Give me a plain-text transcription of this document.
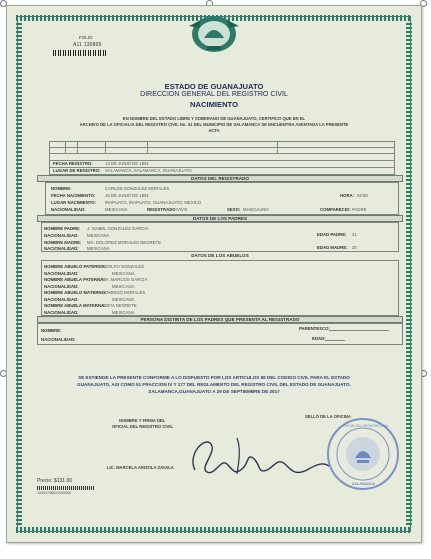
FOLIO
A11 130805
ESTADO DE GUANAJUATO
DIRECCION GENERAL DEL REGISTRO CIVIL
NACIMIENTO
EN NOMBRE DEL ESTADO LIBRE Y SOBERANO DE GUANAJUATO, CERTIFICO QUE EN EL
ARCHIVO DE LA OFICIALIA DEL REGISTRO CIVIL No. 01 DEL MUNICIPIO DE SALAMANCA SE ENCUENTRA ASENTADA LA PRESENTE
ACTA
FECHA REGISTRO:	14 DE JUNIO DE 1961
LUGAR DE REGISTRO: SALAMANCA, SALAMANCA, GUANAJUATO
DATOS DEL REGISTRADO
NOMBRE:	CARLOS GONZALEZ MORALES
FECHA NACIMIENTO: 15 DE JUNIO DE 1961	HORA: 04:00
LUGAR NACIMIENTO: IRAPUATO, IRAPUATO, GUANAJUATO, MEXICO
NACIONALIDAD:	MEXICANA	REGISTRADO: VIVO	SEXO: MASCULINO	COMPARECIO: PADRE
DATOS DE LOS PADRES
NOMBRE PADRE: J. ISABEL GONZALEZ GARCIA
EDAD PADRE: 21
NACIONALIDAD: MEXICANA
NOMBRE MADRE: MA. DOLORES MORALES NEGRETE
EDAD MADRE: 20
NACIONALIDAD: MEXICANA
DATOS DE LOS ABUELOS
NOMBRE ABUELO PATERNO:
ADOLFO GONZALEZ
NACIONALIDAD:	MEXICANA
NOMBRE ABUELA PATERNA:
MA. MARCOS GARCIA
NACIONALIDAD:	MEXICANA
NOMBRE ABUELO MATERNO:
DOMINGO MORALES
NACIONALIDAD:	MEXICANA
NOMBRE ABUELA MATERNA:
SOFIA NEGRETE
NACIONALIDAD:	MEXICANA
PERSONA DISTINTA DE LOS PADRES QUE PRESENTA AL REGISTRADO
NOMBRE:	PARENTESCO:
NACIONALIDAD:	EDAD:
SE EXTIENDE LA PRESENTE CONFORME A LO DISPUESTO POR LOS ARTICULOS 86 DEL CODIGO CIVIL PARA EL ESTADO
GUANAJUATO, ASI COMO 51 FRACCION IV Y 177 DEL REGLAMENTO DEL REGISTRO CIVIL DEL ESTADO DE GUANAJUATO.
SALAMANCA,GUANAJUATO A 29 DE SEPTIEMBRE DE 2017
NOMBRE Y FIRMA DEL
OFICIAL DEL REGISTRO CIVIL
SELLO DE LA OFICINA
LIC. MARCELA ARIZOLA ZAVALA
OFICIAL DEL REGISTRO CIVIL
SALAMANCA
Precio: $131.00
10431706013100090
